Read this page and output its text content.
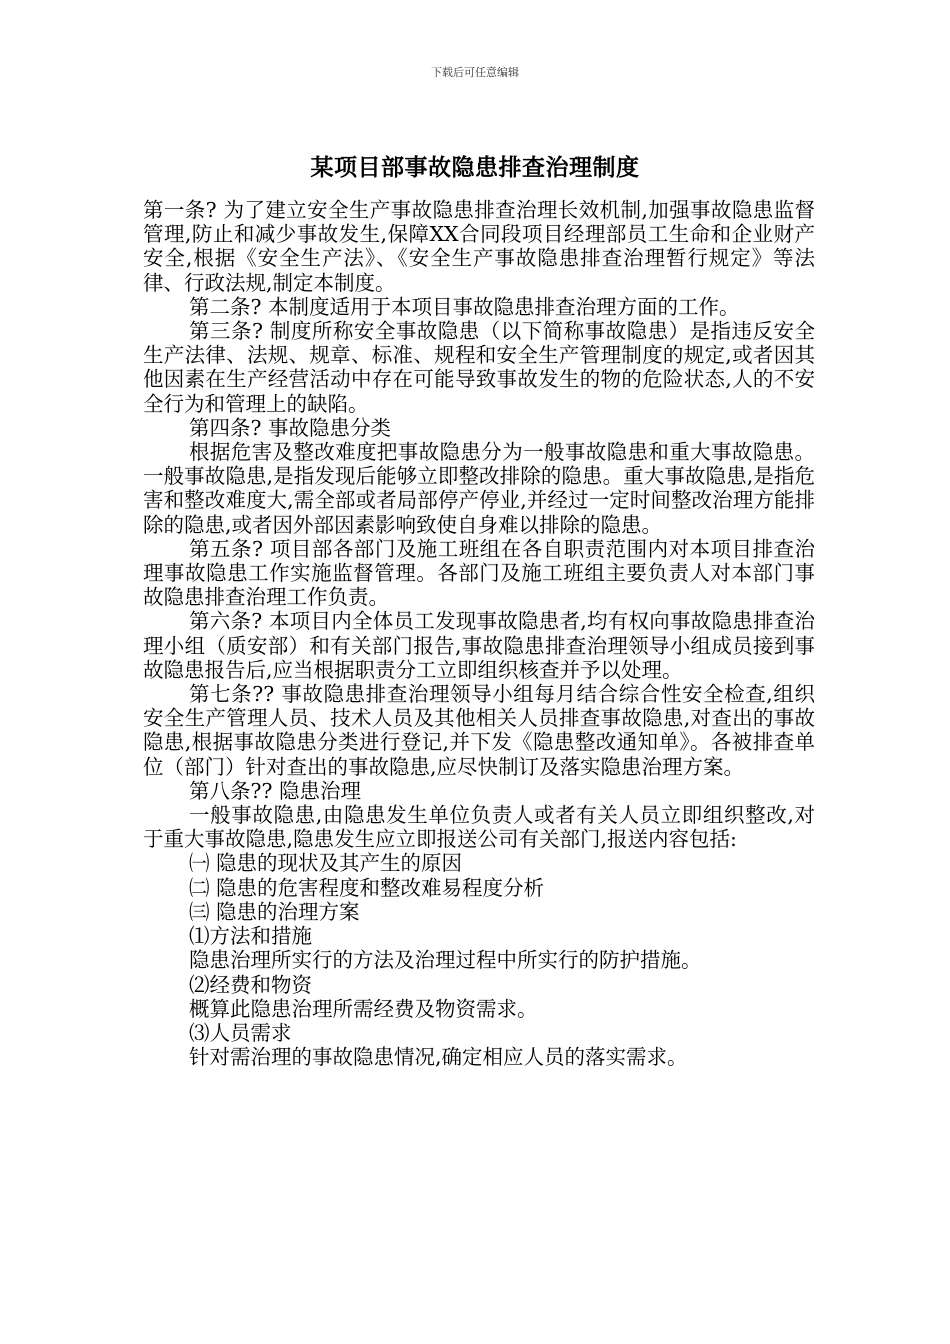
下载后可任意编辑
某项目部事故隐患排查治理制度

第一条? 为了建立安全生产事故隐患排查治理长效机制,加强事故隐患监督管理,防止和减少事故发生,保障XX合同段项目经理部员工生命和企业财产安全,根据《安全生产法》、《安全生产事故隐患排查治理暂行规定》等法律、行政法规,制定本制度。

第二条? 本制度适用于本项目事故隐患排查治理方面的工作。

第三条? 制度所称安全事故隐患（以下简称事故隐患）是指违反安全生产法律、法规、规章、标准、规程和安全生产管理制度的规定,或者因其他因素在生产经营活动中存在可能导致事故发生的物的危险状态,人的不安全行为和管理上的缺陷。

第四条? 事故隐患分类

根据危害及整改难度把事故隐患分为一般事故隐患和重大事故隐患。一般事故隐患,是指发现后能够立即整改排除的隐患。重大事故隐患,是指危害和整改难度大,需全部或者局部停产停业,并经过一定时间整改治理方能排除的隐患,或者因外部因素影响致使自身难以排除的隐患。

第五条? 项目部各部门及施工班组在各自职责范围内对本项目排查治理事故隐患工作实施监督管理。各部门及施工班组主要负责人对本部门事故隐患排查治理工作负责。

第六条? 本项目内全体员工发现事故隐患者,均有权向事故隐患排查治理小组（质安部）和有关部门报告,事故隐患排查治理领导小组成员接到事故隐患报告后,应当根据职责分工立即组织核查并予以处理。

第七条?? 事故隐患排查治理领导小组每月结合综合性安全检查,组织安全生产管理人员、技术人员及其他相关人员排查事故隐患,对查出的事故隐患,根据事故隐患分类进行登记,并下发《隐患整改通知单》。各被排查单位（部门）针对查出的事故隐患,应尽快制订及落实隐患治理方案。

第八条?? 隐患治理

一般事故隐患,由隐患发生单位负责人或者有关人员立即组织整改,对于重大事故隐患,隐患发生应立即报送公司有关部门,报送内容包括:

㈠ 隐患的现状及其产生的原因

㈡ 隐患的危害程度和整改难易程度分析

㈢ 隐患的治理方案

⑴方法和措施

隐患治理所实行的方法及治理过程中所实行的防护措施。

⑵经费和物资

概算此隐患治理所需经费及物资需求。

⑶人员需求

针对需治理的事故隐患情况,确定相应人员的落实需求。
